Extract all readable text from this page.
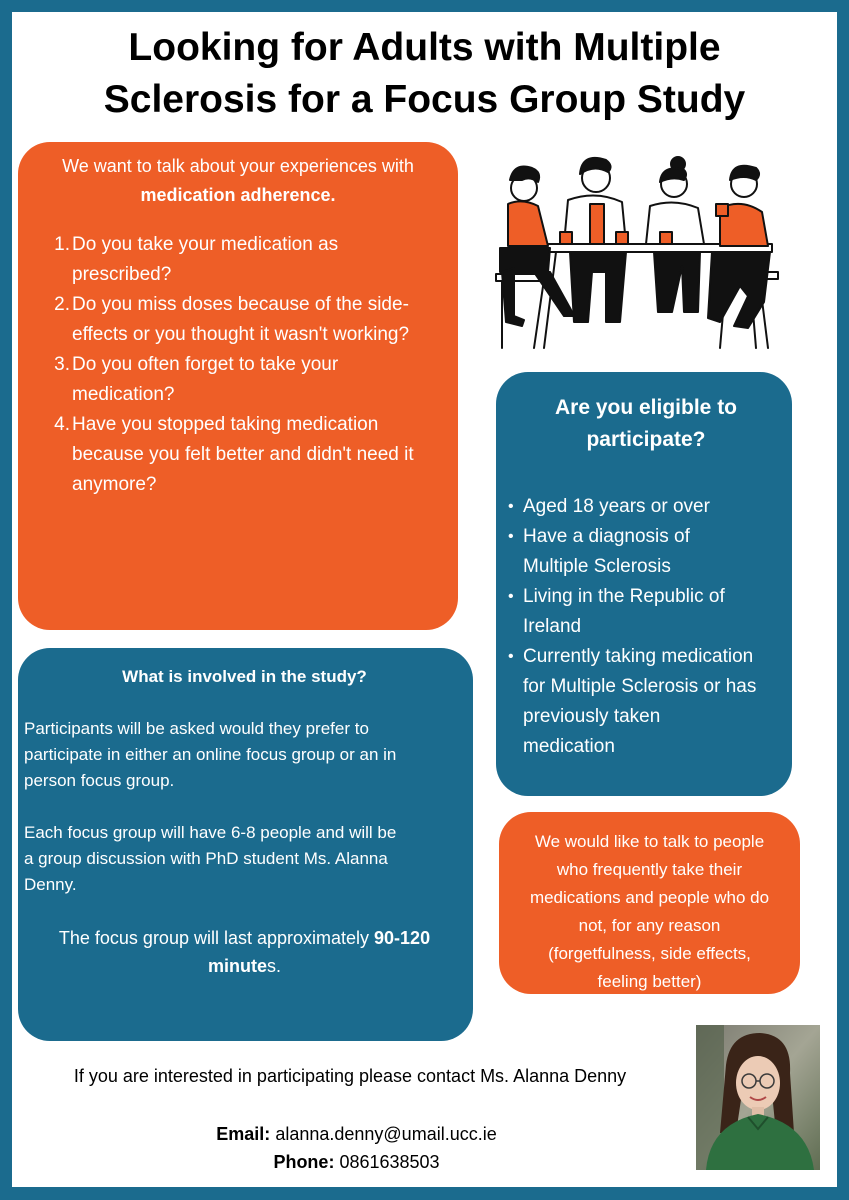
Looking for Adults with Multiple
Sclerosis for a Focus Group Study
We want to talk about your experiences with
medication adherence.
1. Do you take your medication as
prescribed?
2. Do you miss doses because of the side-
effects or you thought it wasn't working?
3. Do you often forget to take your
medication?
4. Have you stopped taking medication
because you felt better and didn't need it
anymore?
Are you eligible to
participate?
• Aged 18 years or over
• Have a diagnosis of
Multiple Sclerosis
• Living in the Republic of
Ireland
• Currently taking medication
for Multiple Sclerosis or has
previously taken
medication
What is involved in the study?

Participants will be asked would they prefer to
participate in either an online focus group or an in
person focus group.

Each focus group will have 6-8 people and will be
a group discussion with PhD student Ms. Alanna
Denny.

The focus group will last approximately 90-120
minutes.

We would like to talk to people
who frequently take their
medications and people who do
not, for any reason
(forgetfulness, side effects,
feeling better)
If you are interested in participating please contact Ms. Alanna Denny
Email: alanna.denny@umail.ucc.ie
Phone: 0861638503
